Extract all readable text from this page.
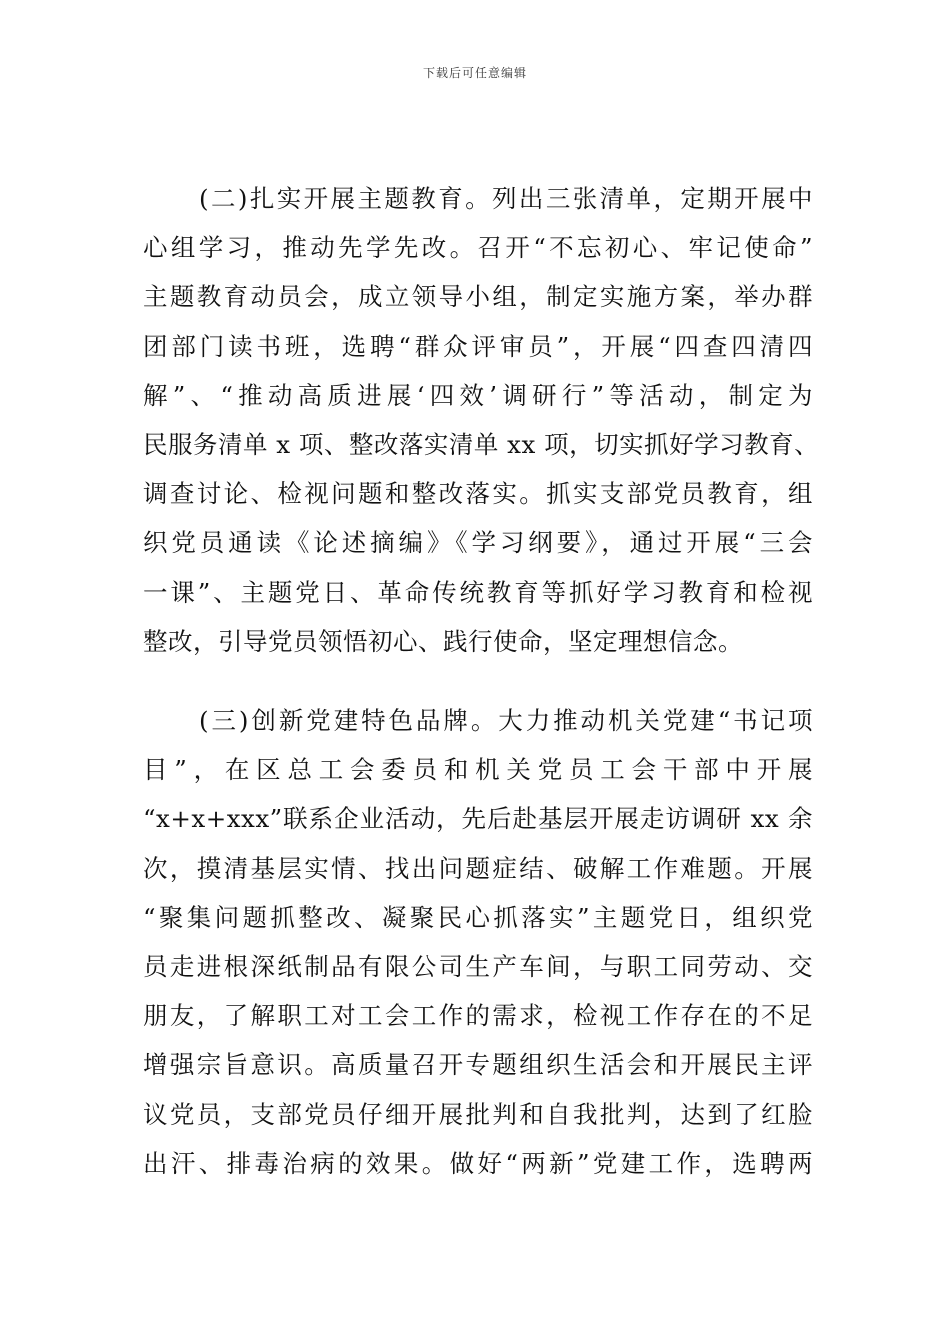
下载后可任意编辑
(二)扎实开展主题教育。列出三张清单，定期开展中
心组学习，推动先学先改。召开“不忘初心、牢记使命”
主题教育动员会，成立领导小组，制定实施方案，举办群
团部门读书班，选聘“群众评审员”，开展“四查四清四
解”、“推动高质进展‘四效’调研行”等活动，制定为
民服务清单 x 项、整改落实清单 xx 项，切实抓好学习教育、
调查讨论、检视问题和整改落实。抓实支部党员教育，组
织党员通读《论述摘编》《学习纲要》，通过开展“三会
一课”、主题党日、革命传统教育等抓好学习教育和检视
整改，引导党员领悟初心、践行使命，坚定理想信念。
(三)创新党建特色品牌。大力推动机关党建“书记项
目”，在区总工会委员和机关党员工会干部中开展
“x+x+xxx”联系企业活动，先后赴基层开展走访调研 xx 余
次，摸清基层实情、找出问题症结、破解工作难题。开展
“聚集问题抓整改、凝聚民心抓落实”主题党日，组织党
员走进根深纸制品有限公司生产车间，与职工同劳动、交
朋友，了解职工对工会工作的需求，检视工作存在的不足
增强宗旨意识。高质量召开专题组织生活会和开展民主评
议党员，支部党员仔细开展批判和自我批判，达到了红脸
出汗、排毒治病的效果。做好“两新”党建工作，选聘两
